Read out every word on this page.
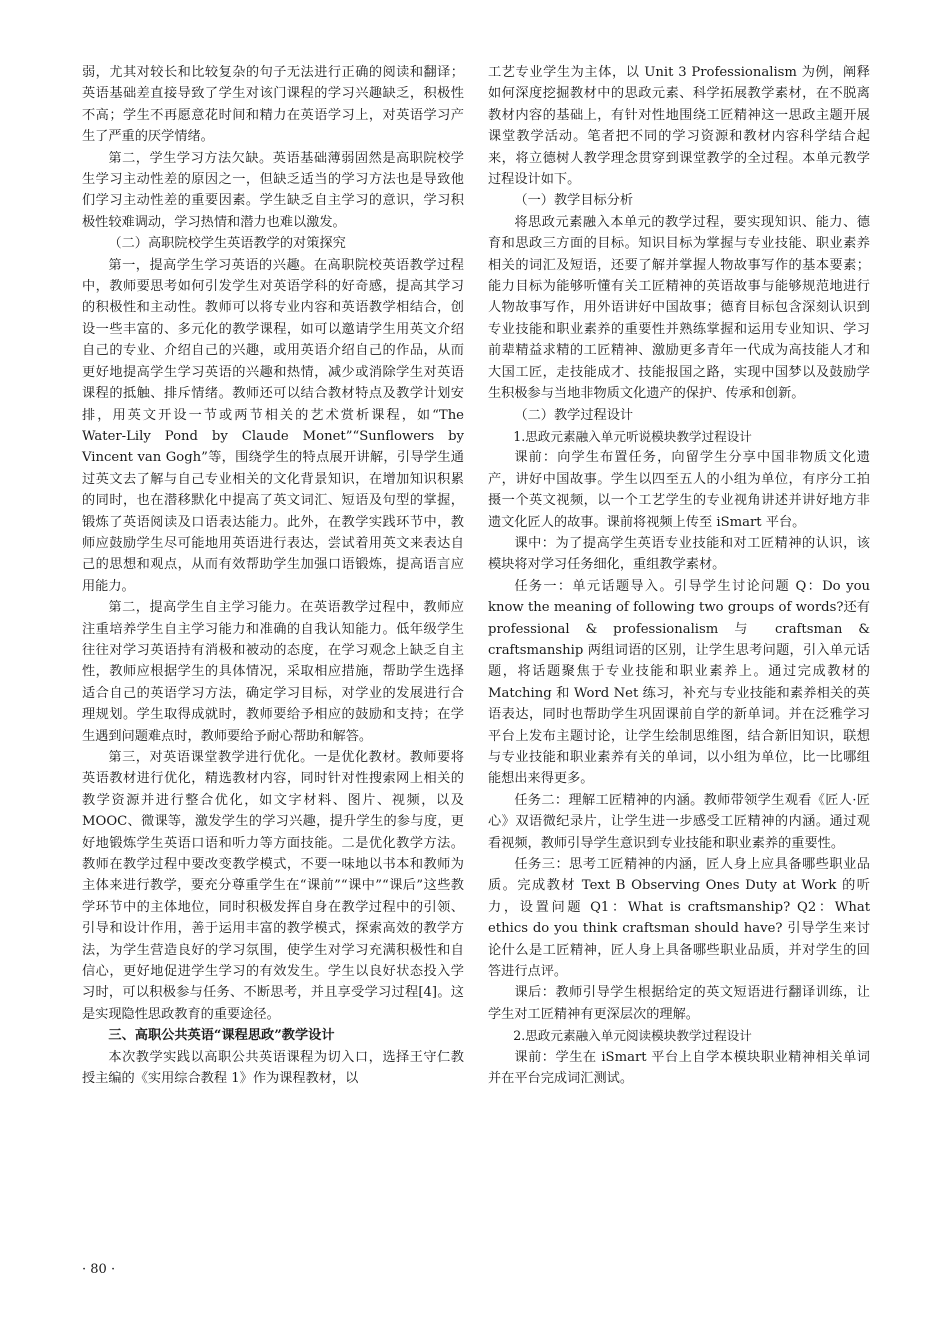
弱，尤其对较长和比较复杂的句子无法进行正确的阅读和翻译；英语基础差直接导致了学生对该门课程的学习兴趣缺乏，积极性不高；学生不再愿意花时间和精力在英语学习上，对英语学习产生了严重的厌学情绪。

第二，学生学习方法欠缺。英语基础薄弱固然是高职院校学生学习主动性差的原因之一，但缺乏适当的学习方法也是导致他们学习主动性差的重要因素。学生缺乏自主学习的意识，学习积极性较难调动，学习热情和潜力也难以激发。

（二）高职院校学生英语教学的对策探究

第一，提高学生学习英语的兴趣。在高职院校英语教学过程中，教师要思考如何引发学生对英语学科的好奇感，提高其学习的积极性和主动性。教师可以将专业内容和英语教学相结合，创设一些丰富的、多元化的教学课程，如可以邀请学生用英文介绍自己的专业、介绍自己的兴趣，或用英语介绍自己的作品，从而更好地提高学生学习英语的兴趣和热情，减少或消除学生对英语课程的抵触、排斥情绪。教师还可以结合教材特点及教学计划安排，用英文开设一节或两节相关的艺术赏析课程，如“The Water-Lily Pond by Claude Monet”“Sunflowers by Vincent van Gogh”等，围绕学生的特点展开讲解，引导学生通过英文去了解与自己专业相关的文化背景知识，在增加知识积累的同时，也在潜移默化中提高了英文词汇、短语及句型的掌握，锻炼了英语阅读及口语表达能力。此外，在教学实践环节中，教师应鼓励学生尽可能地用英语进行表达，尝试着用英文来表达自己的思想和观点，从而有效帮助学生加强口语锻炼，提高语言应用能力。

第二，提高学生自主学习能力。在英语教学过程中，教师应注重培养学生自主学习能力和准确的自我认知能力。低年级学生往往对学习英语持有消极和被动的态度，在学习观念上缺乏自主性，教师应根据学生的具体情况，采取相应措施，帮助学生选择适合自己的英语学习方法，确定学习目标，对学业的发展进行合理规划。学生取得成就时，教师要给予相应的鼓励和支持；在学生遇到问题难点时，教师要给予耐心帮助和解答。

第三，对英语课堂教学进行优化。一是优化教材。教师要将英语教材进行优化，精选教材内容，同时针对性搜索网上相关的教学资源并进行整合优化，如文字材料、图片、视频，以及 MOOC、微课等，激发学生的学习兴趣，提升学生的参与度，更好地锻炼学生英语口语和听力等方面技能。二是优化教学方法。教师在教学过程中要改变教学模式，不要一味地以书本和教师为主体来进行教学，要充分尊重学生在“课前”“课中”“课后”这些教学环节中的主体地位，同时积极发挥自身在教学过程中的引领、引导和设计作用，善于运用丰富的教学模式，探索高效的教学方法，为学生营造良好的学习氛围，使学生对学习充满积极性和自信心，更好地促进学生学习的有效发生。学生以良好状态投入学习时，可以积极参与任务、不断思考，并且享受学习过程[4]。这是实现隐性思政教育的重要途径。

三、高职公共英语“课程思政”教学设计

本次教学实践以高职公共英语课程为切入口，选择王守仁教授主编的《实用综合教程 1》作为课程教材，以

工艺专业学生为主体，以 Unit 3 Professionalism 为例，阐释如何深度挖掘教材中的思政元素、科学拓展教学素材，在不脱离教材内容的基础上，有针对性地围绕工匠精神这一思政主题开展课堂教学活动。笔者把不同的学习资源和教材内容科学结合起来，将立德树人教学理念贯穿到课堂教学的全过程。本单元教学过程设计如下。

（一）教学目标分析

将思政元素融入本单元的教学过程，要实现知识、能力、德育和思政三方面的目标。知识目标为掌握与专业技能、职业素养相关的词汇及短语，还要了解并掌握人物故事写作的基本要素；能力目标为能够听懂有关工匠精神的英语故事与能够规范地进行人物故事写作，用外语讲好中国故事；德育目标包含深刻认识到专业技能和职业素养的重要性并熟练掌握和运用专业知识、学习前辈精益求精的工匠精神、激励更多青年一代成为高技能人才和大国工匠，走技能成才、技能报国之路，实现中国梦以及鼓励学生积极参与当地非物质文化遗产的保护、传承和创新。

（二）教学过程设计

1.思政元素融入单元听说模块教学过程设计

课前：向学生布置任务，向留学生分享中国非物质文化遗产，讲好中国故事。学生以四至五人的小组为单位，有序分工拍摄一个英文视频，以一个工艺学生的专业视角讲述并讲好地方非遗文化匠人的故事。课前将视频上传至 iSmart 平台。

课中：为了提高学生英语专业技能和对工匠精神的认识，该模块将对学习任务细化，重组教学素材。

任务一：单元话题导入。引导学生讨论问题 Q：Do you know the meaning of following two groups of words?还有 professional & professionalism 与 craftsman & craftsmanship 两组词语的区别，让学生思考问题，引入单元话题，将话题聚焦于专业技能和职业素养上。通过完成教材的 Matching 和 Word Net 练习，补充与专业技能和素养相关的英语表达，同时也帮助学生巩固课前自学的新单词。并在泛雅学习平台上发布主题讨论，让学生绘制思维图，结合新旧知识，联想与专业技能和职业素养有关的单词，以小组为单位，比一比哪组能想出来得更多。

任务二：理解工匠精神的内涵。教师带领学生观看《匠人·匠心》双语微纪录片，让学生进一步感受工匠精神的内涵。通过观看视频，教师引导学生意识到专业技能和职业素养的重要性。

任务三：思考工匠精神的内涵，匠人身上应具备哪些职业品质。完成教材 Text B Observing Ones Duty at Work 的听力，设置问题 Q1：What is craftsmanship? Q2：What ethics do you think craftsman should have? 引导学生来讨论什么是工匠精神，匠人身上具备哪些职业品质，并对学生的回答进行点评。

课后：教师引导学生根据给定的英文短语进行翻译训练，让学生对工匠精神有更深层次的理解。

2.思政元素融入单元阅读模块教学过程设计

课前：学生在 iSmart 平台上自学本模块职业精神相关单词并在平台完成词汇测试。

· 80 ·
